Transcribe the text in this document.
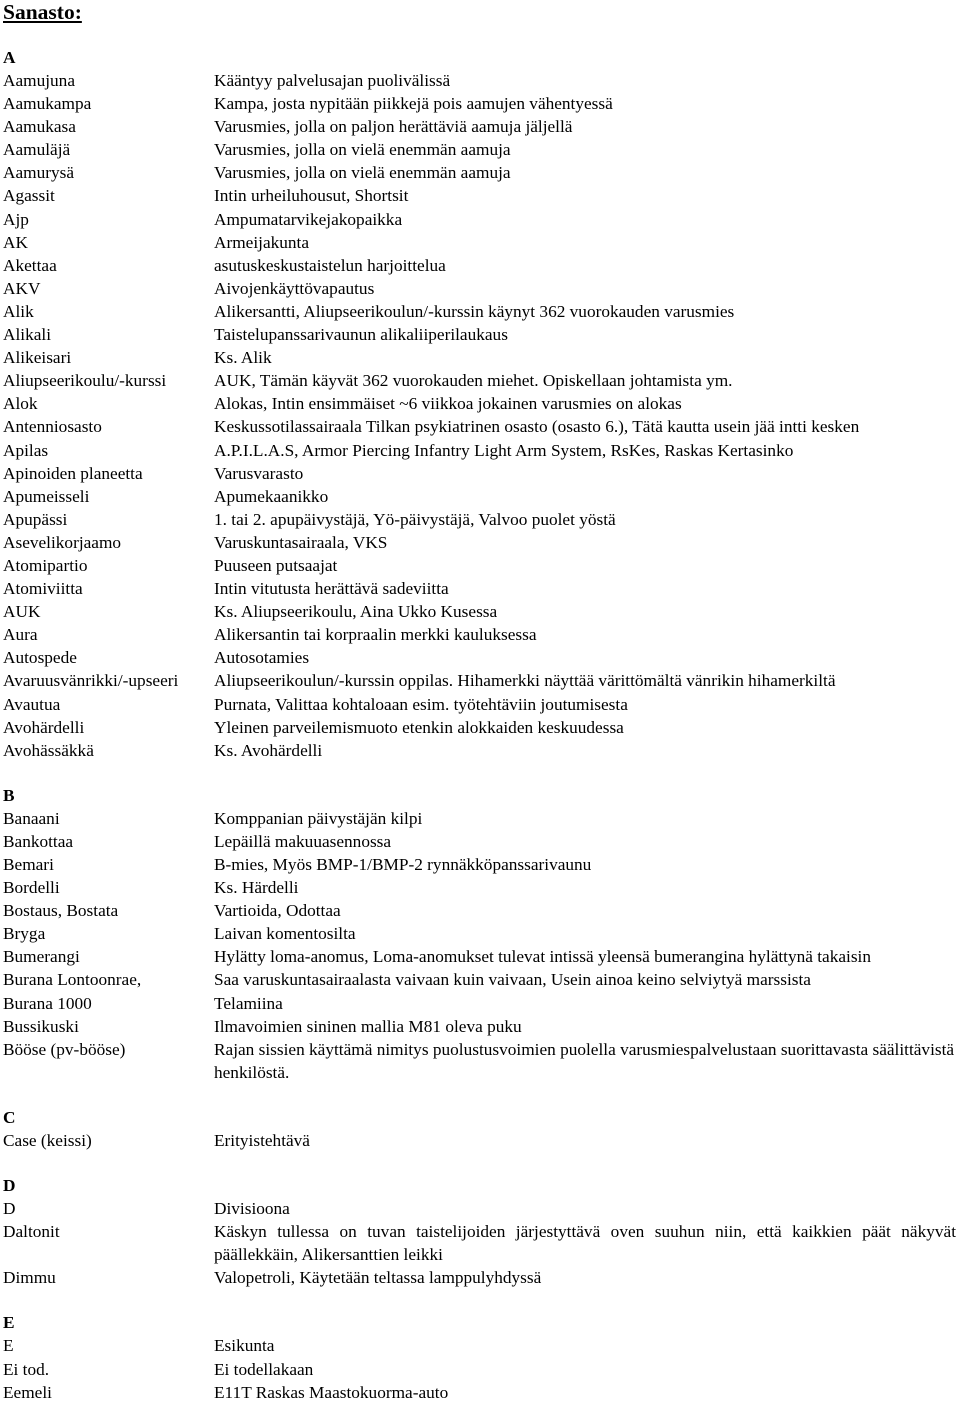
Sanasto:
A
Aamujuna	Kääntyy palvelusajan puolivälissä
Aamukampa	Kampa, josta nypitään piikkejä pois aamujen vähentyessä
Aamukasa	Varusmies, jolla on paljon herättäviä aamuja jäljellä
Aamuläjä	Varusmies, jolla on vielä enemmän aamuja
Aamurysä	Varusmies, jolla on vielä enemmän aamuja
Agassit	Intin urheiluhousut, Shortsit
Ajp	Ampumatarvikejakopaikka
AK	Armeijakunta
Akettaa	asutuskeskustaistelun harjoittelua
AKV	Aivojenkäyttövapautus
Alik	Alikersantti, Aliupseerikoulun/-kurssin käynyt 362 vuorokauden varusmies
Alikali	Taistelupanssarivaunun alikaliiperilaukaus
Alikeisari	Ks. Alik
Aliupseerikoulu/-kurssi	AUK, Tämän käyvät 362 vuorokauden miehet. Opiskellaan johtamista ym.
Alok	Alokas, Intin ensimmäiset ~6 viikkoa jokainen varusmies on alokas
Antenniosasto	Keskussotilassairaala Tilkan psykiatrinen osasto (osasto 6.), Tätä kautta usein jää intti kesken
Apilas	A.P.I.L.A.S, Armor Piercing Infantry Light Arm System, RsKes, Raskas Kertasinko
Apinoiden planeetta	Varusvarasto
Apumeisseli	Apumekaanikko
Apupässi	1. tai 2. apupäivystäjä, Yö-päivystäjä, Valvoo puolet yöstä
Asevelikorjaamo	Varuskuntasairaala, VKS
Atomipartio	Puuseen putsaajat
Atomiviitta	Intin vitutusta herättävä sadeviitta
AUK	Ks. Aliupseerikoulu, Aina Ukko Kusessa
Aura	Alikersantin tai korpraalin merkki kauluksessa
Autospede	Autosotamies
Avaruusvänrikki/-upseeri	Aliupseerikoulun/-kurssin oppilas. Hihamerkki näyttää värittömältä vänrikin hihamerkiltä
Avautua	Purnata, Valittaa kohtaloaan esim. työtehtäviin joutumisesta
Avohärdelli	Yleinen parveilemismuoto etenkin alokkaiden keskuudessa
Avohässäkkä	Ks. Avohärdelli
B
Banaani	Komppanian päivystäjän kilpi
Bankottaa	Lepäillä makuuasennossa
Bemari	B-mies, Myös BMP-1/BMP-2 rynnäkköpanssarivaunu
Bordelli	Ks. Härdelli
Bostaus, Bostata	Vartioida, Odottaa
Bryga	Laivan komentosilta
Bumerangi	Hylätty loma-anomus, Loma-anomukset tulevat intissä yleensä bumerangina hylättynä takaisin
Burana Lontoonrae,	Saa varuskuntasairaalasta vaivaan kuin vaivaan, Usein ainoa keino selviytyä marssista
Burana 1000	Telamiina
Bussikuski	Ilmavoimien sininen mallia M81 oleva puku
Bööse (pv-bööse)	Rajan sissien käyttämä nimitys puolustusvoimien puolella varusmiespalvelustaan suorittavasta säälittävistä henkilöstä.
C
Case (keissi)	Erityistehtävä
D
D	Divisioona
Daltonit	Käskyn tullessa on tuvan taistelijoiden järjestyttävä oven suuhun niin, että kaikkien päät näkyvät päällekkäin, Alikersanttien leikki
Dimmu	Valopetroli, Käytetään teltassa lamppulyhdyssä
E
E	Esikunta
Ei tod.	Ei todellakaan
Eemeli	E11T Raskas Maastokuorma-auto
